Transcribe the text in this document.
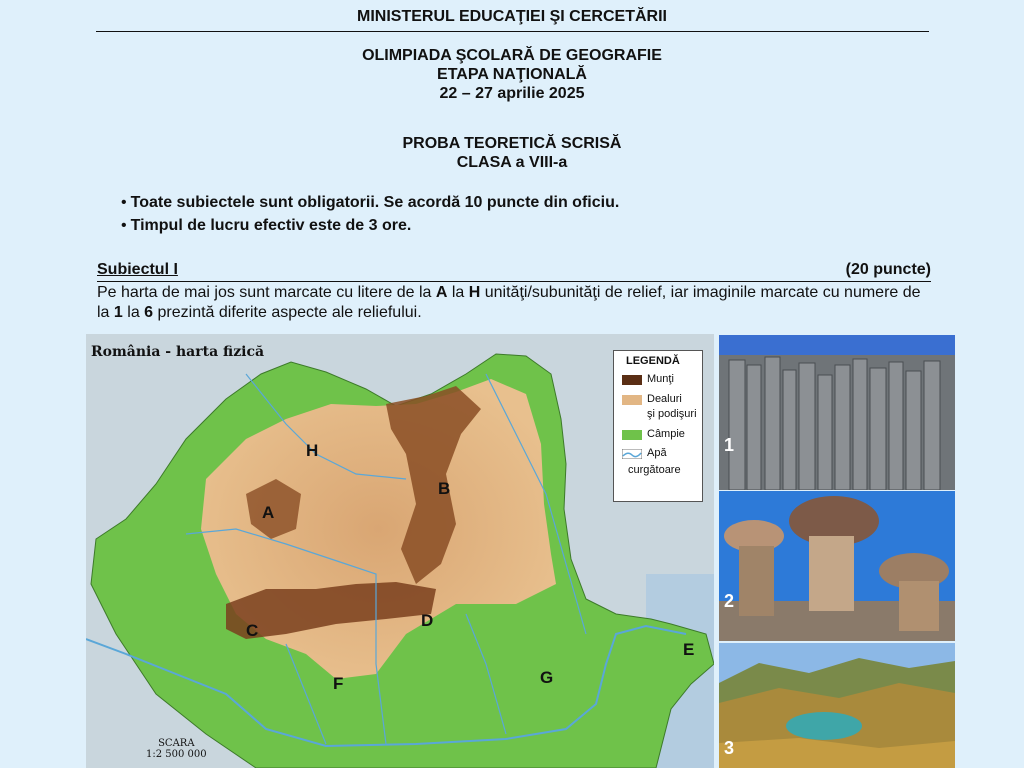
MINISTERUL EDUCAŢIEI ŞI CERCETĂRII
OLIMPIADA ŞCOLARĂ DE GEOGRAFIE
ETAPA NAŢIONALĂ
22 – 27 aprilie 2025
PROBA TEORETICĂ SCRISĂ
CLASA a VIII-a
• Toate subiectele sunt obligatorii. Se acordă 10 puncte din oficiu.
• Timpul de lucru efectiv este de 3 ore.
Subiectul I	(20 puncte)
Pe harta de mai jos sunt marcate cu litere de la A la H unităţi/subunităţi de relief, iar imaginile marcate cu numere de la 1 la 6 prezintă diferite aspecte ale reliefului.
H
B
A
C
D
E
F	G
România - harta fizică
LEGENDĂ
Munţi
Dealuri
şi podişuri
Câmpie
Apă
curgătoare
SCARA
1:2 500 000
1
2
3
